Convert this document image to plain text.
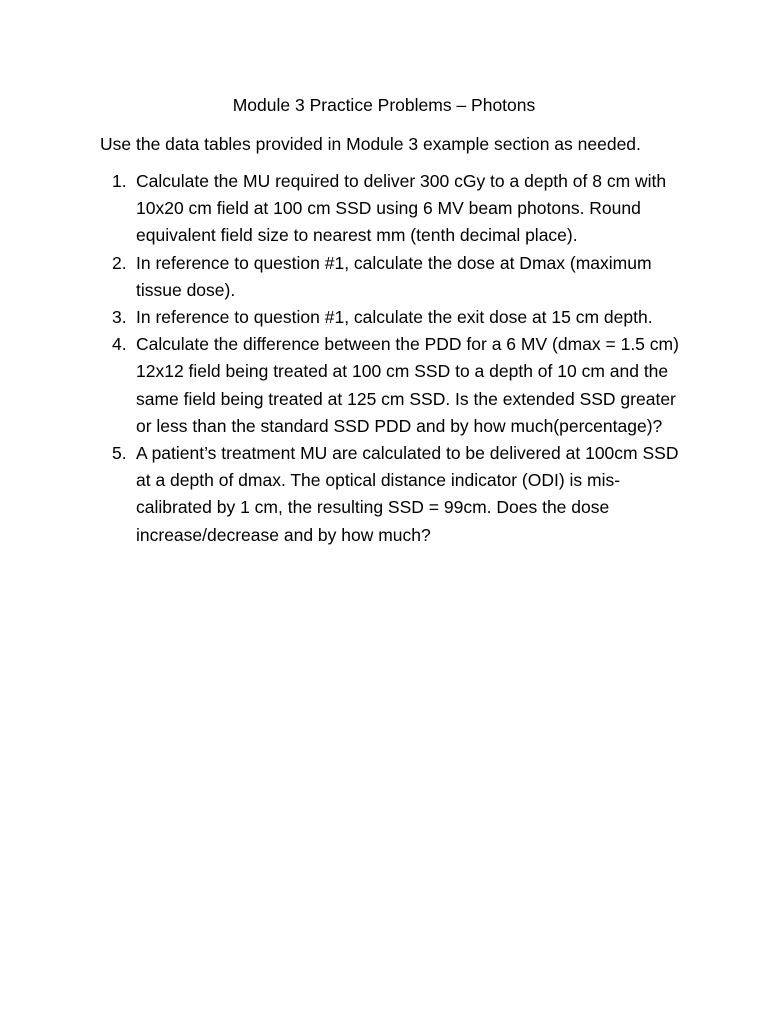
Module 3 Practice Problems – Photons

Use the data tables provided in Module 3 example section as needed.

1. Calculate the MU required to deliver 300 cGy to a depth of 8 cm with 10x20 cm field at 100 cm SSD using 6 MV beam photons. Round equivalent field size to nearest mm (tenth decimal place).
2. In reference to question #1, calculate the dose at Dmax (maximum tissue dose).
3. In reference to question #1, calculate the exit dose at 15 cm depth.
4. Calculate the difference between the PDD for a 6 MV (dmax = 1.5 cm) 12x12 field being treated at 100 cm SSD to a depth of 10 cm and the same field being treated at 125 cm SSD. Is the extended SSD greater or less than the standard SSD PDD and by how much(percentage)?
5. A patient’s treatment MU are calculated to be delivered at 100cm SSD at a depth of dmax. The optical distance indicator (ODI) is mis-calibrated by 1 cm, the resulting SSD = 99cm. Does the dose increase/decrease and by how much?
